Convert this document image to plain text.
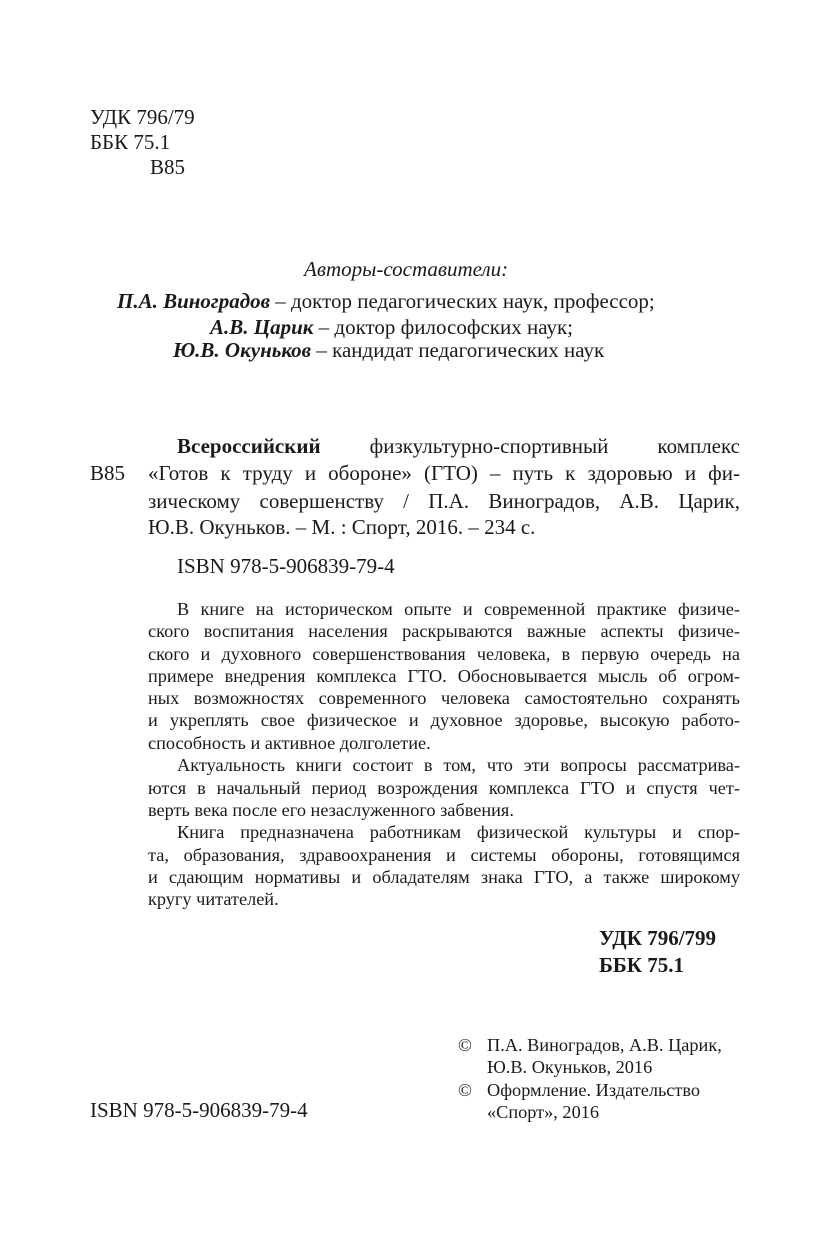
УДК 796/79
ББК 75.1
В85
Авторы-составители:
П.А. Виноградов – доктор педагогических наук, профессор;
А.В. Царик – доктор философских наук;
Ю.В. Окуньков – кандидат педагогических наук
В85
Всероссийский физкультурно-спортивный комплекс
«Готов к труду и обороне» (ГТО) – путь к здоровью и фи-
зическому совершенству / П.А. Виноградов, А.В. Царик,
Ю.В. Окуньков. – М. : Спорт, 2016. – 234 с.
ISBN 978-5-906839-79-4
В книге на историческом опыте и современной практике физиче-
ского воспитания населения раскрываются важные аспекты физиче-
ского и духовного совершенствования человека, в первую очередь на
примере внедрения комплекса ГТО. Обосновывается мысль об огром-
ных возможностях современного человека самостоятельно сохранять
и укреплять свое физическое и духовное здоровье, высокую работо-
способность и активное долголетие.
Актуальность книги состоит в том, что эти вопросы рассматрива-
ются в начальный период возрождения комплекса ГТО и спустя чет-
верть века после его незаслуженного забвения.
Книга предназначена работникам физической культуры и спор-
та, образования, здравоохранения и системы обороны, готовящимся
и сдающим нормативы и обладателям знака ГТО, а также широкому
кругу читателей.
УДК 796/799
ББК 75.1
© П.А. Виноградов, А.В. Царик,
Ю.В. Окуньков, 2016
© Оформление. Издательство
«Спорт», 2016
ISBN 978-5-906839-79-4
